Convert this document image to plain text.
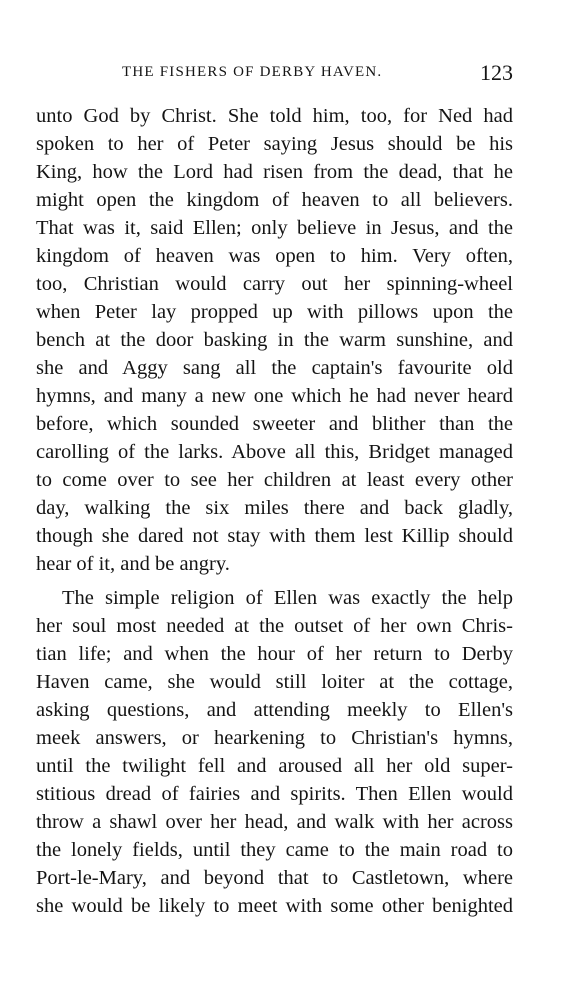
THE FISHERS OF DERBY HAVEN.	123
unto God by Christ. She told him, too, for Ned had
spoken to her of Peter saying Jesus should be his
King, how the Lord had risen from the dead, that he
might open the kingdom of heaven to all believers.
That was it, said Ellen; only believe in Jesus, and the
kingdom of heaven was open to him. Very often,
too, Christian would carry out her spinning-wheel
when Peter lay propped up with pillows upon the
bench at the door basking in the warm sunshine, and
she and Aggy sang all the captain's favourite old
hymns, and many a new one which he had never heard
before, which sounded sweeter and blither than the
carolling of the larks. Above all this, Bridget managed
to come over to see her children at least every other
day, walking the six miles there and back gladly,
though she dared not stay with them lest Killip should
hear of it, and be angry.
The simple religion of Ellen was exactly the help
her soul most needed at the outset of her own Chris-
tian life; and when the hour of her return to Derby
Haven came, she would still loiter at the cottage,
asking questions, and attending meekly to Ellen's
meek answers, or hearkening to Christian's hymns,
until the twilight fell and aroused all her old super-
stitious dread of fairies and spirits. Then Ellen would
throw a shawl over her head, and walk with her across
the lonely fields, until they came to the main road to
Port-le-Mary, and beyond that to Castletown, where
she would be likely to meet with some other benighted
